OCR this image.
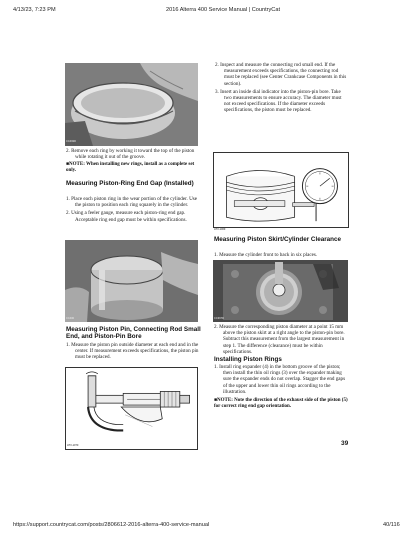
4/13/23, 7:23 PM	2016 Alterra 400 Service Manual | CountryCat
CC493D
2. Remove each ring by working it toward the top of the piston while rotating it out of the groove.
■NOTE: When installing new rings, install as a complete set only.
Measuring Piston-Ring End Gap (Installed)
1. Place each piston ring in the wear portion of the cylinder. Use the piston to position each ring squarely in the cylinder.
2. Using a feeler gauge, measure each piston-ring end gap. Acceptable ring end gap must be within specifications.
CC400
Measuring Piston Pin, Connecting Rod Small End, and Piston-Pin Bore
1. Measure the piston pin outside diameter at each end and in the center. If measurement exceeds specifications, the piston pin must be replaced.
ATV-1070
2. Inspect and measure the connecting rod small end. If the measurement exceeds specifications, the connecting rod must be replaced (see Center Crankcase Components in this section).
3. Insert an inside dial indicator into the piston-pin bore. Take two measurements to ensure accuracy. The diameter must not exceed specifications. If the diameter exceeds specifications, the piston must be replaced.
ATV-1069
Measuring Piston Skirt/Cylinder Clearance
1. Measure the cylinder front to back in six places.
CC367D
2. Measure the corresponding piston diameter at a point 15 mm above the piston skirt at a right angle to the piston-pin bore. Subtract this measurement from the largest measurement in step 1. The difference (clearance) must be within specifications.
Installing Piston Rings
1. Install ring expander (4) in the bottom groove of the piston; then install the thin oil rings (3) over the expander making sure the expander ends do not overlap. Stagger the end gaps of the upper and lower thin oil rings according to the illustration.
■NOTE: Note the direction of the exhaust side of the piston (5) for correct ring end gap orientation.
39
https://support.countrycat.com/posts/2806612-2016-alterra-400-service-manual	40/116
